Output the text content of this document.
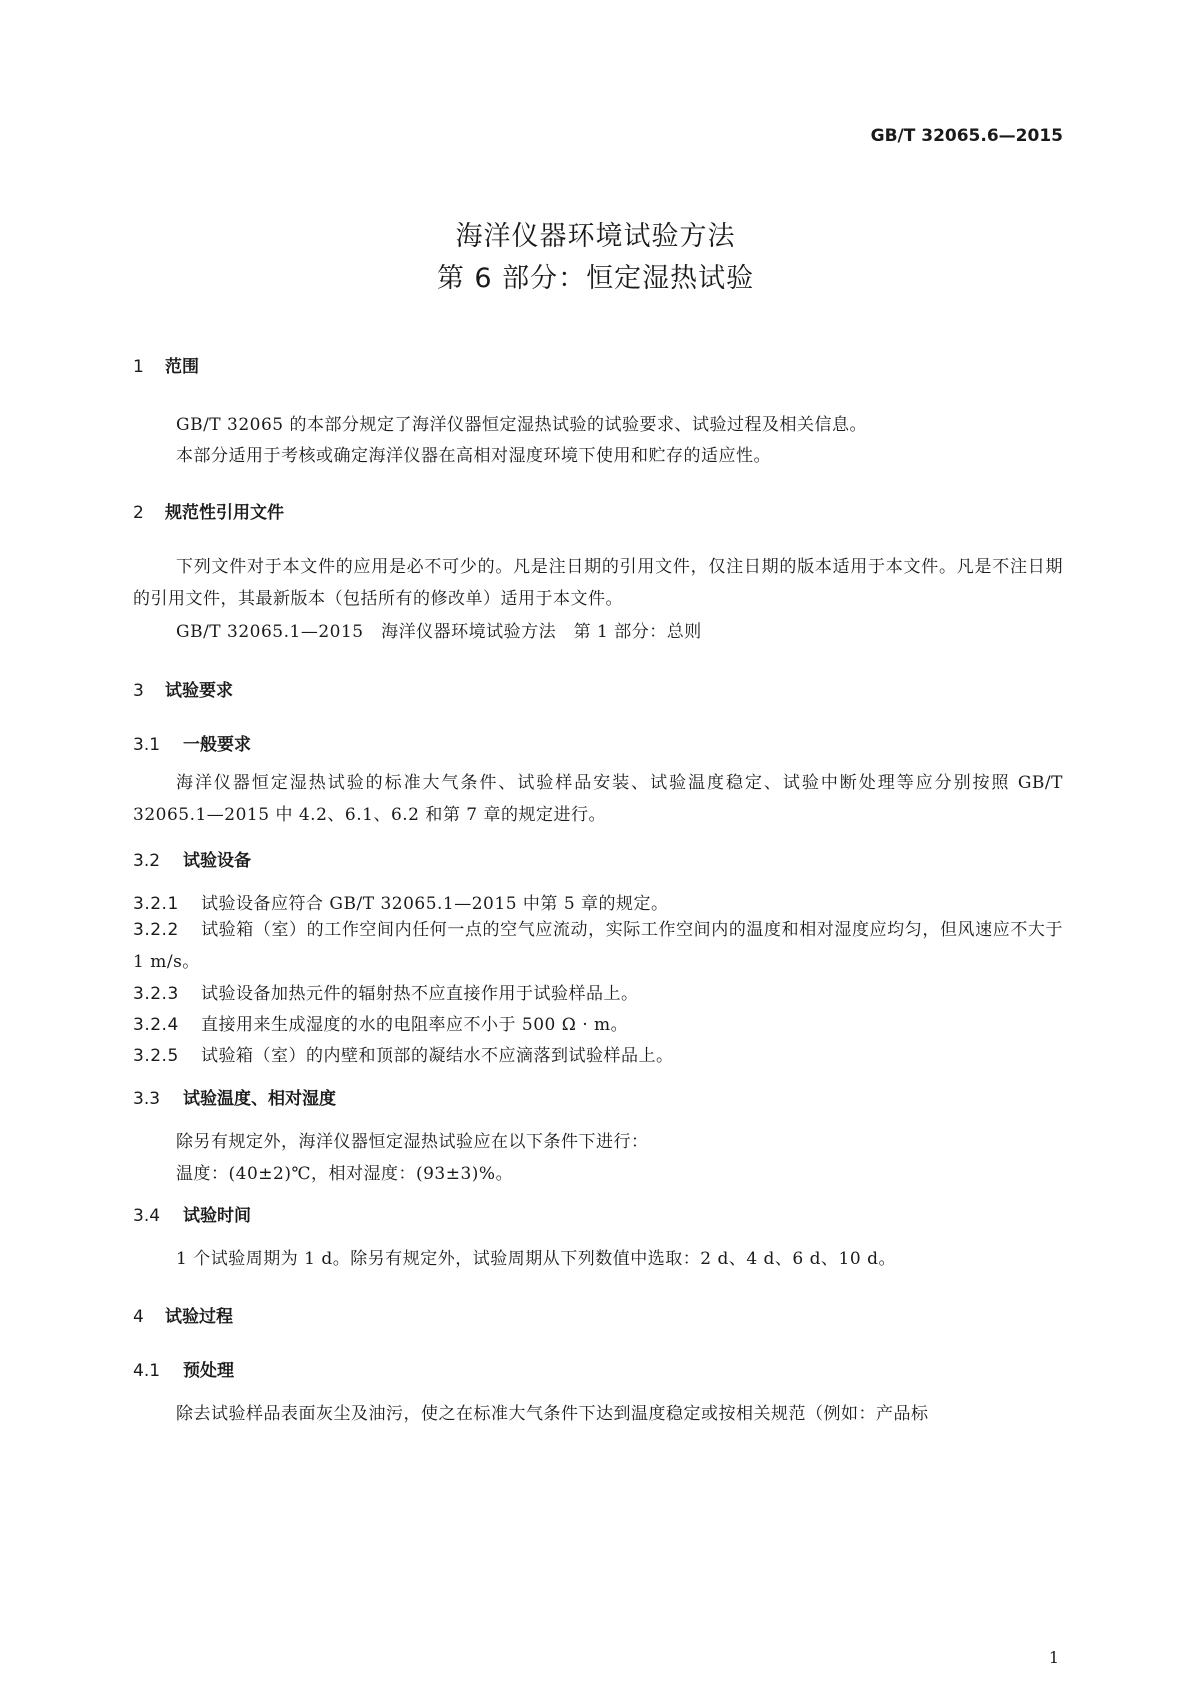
GB/T 32065.6—2015
海洋仪器环境试验方法
第 6 部分：恒定湿热试验
1 范围
GB/T 32065 的本部分规定了海洋仪器恒定湿热试验的试验要求、试验过程及相关信息。
本部分适用于考核或确定海洋仪器在高相对湿度环境下使用和贮存的适应性。
2 规范性引用文件
下列文件对于本文件的应用是必不可少的。凡是注日期的引用文件，仅注日期的版本适用于本文件。凡是不注日期的引用文件，其最新版本（包括所有的修改单）适用于本文件。
GB/T 32065.1—2015　海洋仪器环境试验方法　第 1 部分：总则
3 试验要求
3.1 一般要求
海洋仪器恒定湿热试验的标准大气条件、试验样品安装、试验温度稳定、试验中断处理等应分别按照 GB/T 32065.1—2015 中 4.2、6.1、6.2 和第 7 章的规定进行。
3.2 试验设备
3.2.1 试验设备应符合 GB/T 32065.1—2015 中第 5 章的规定。
3.2.2 试验箱（室）的工作空间内任何一点的空气应流动，实际工作空间内的温度和相对湿度应均匀，但风速应不大于 1 m/s。
3.2.3 试验设备加热元件的辐射热不应直接作用于试验样品上。
3.2.4 直接用来生成湿度的水的电阻率应不小于 500 Ω · m。
3.2.5 试验箱（室）的内壁和顶部的凝结水不应滴落到试验样品上。
3.3 试验温度、相对湿度
除另有规定外，海洋仪器恒定湿热试验应在以下条件下进行：
温度：(40±2)℃，相对湿度：(93±3)%。
3.4 试验时间
1 个试验周期为 1 d。除另有规定外，试验周期从下列数值中选取：2 d、4 d、6 d、10 d。
4 试验过程
4.1 预处理
除去试验样品表面灰尘及油污，使之在标准大气条件下达到温度稳定或按相关规范（例如：产品标
1
